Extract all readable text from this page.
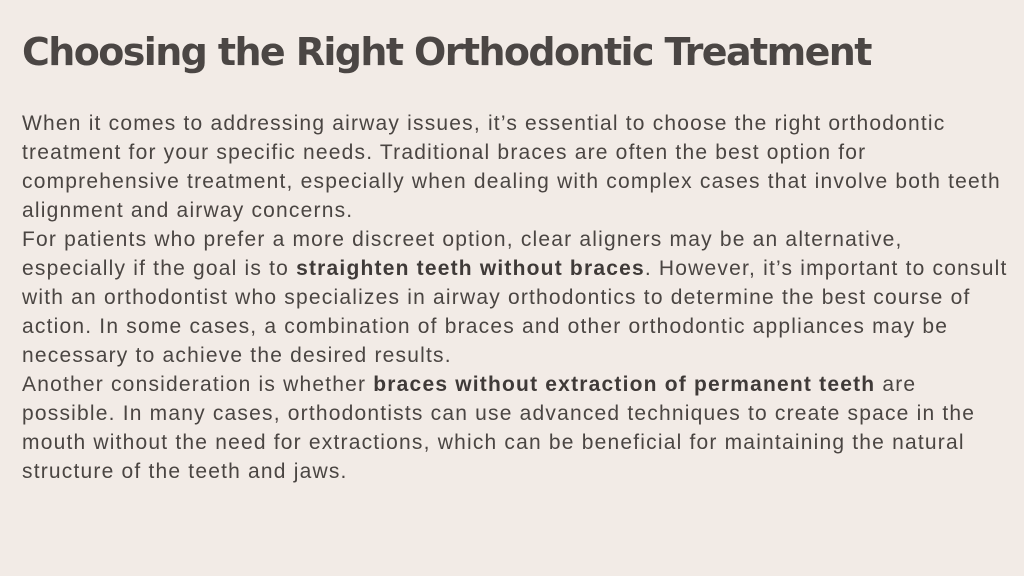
Choosing the Right Orthodontic Treatment

When it comes to addressing airway issues, it’s essential to choose the right orthodontic treatment for your specific needs. Traditional braces are often the best option for comprehensive treatment, especially when dealing with complex cases that involve both teeth alignment and airway concerns.

For patients who prefer a more discreet option, clear aligners may be an alternative, especially if the goal is to straighten teeth without braces. However, it’s important to consult with an orthodontist who specializes in airway orthodontics to determine the best course of action. In some cases, a combination of braces and other orthodontic appliances may be necessary to achieve the desired results.

Another consideration is whether braces without extraction of permanent teeth are possible. In many cases, orthodontists can use advanced techniques to create space in the mouth without the need for extractions, which can be beneficial for maintaining the natural structure of the teeth and jaws.
